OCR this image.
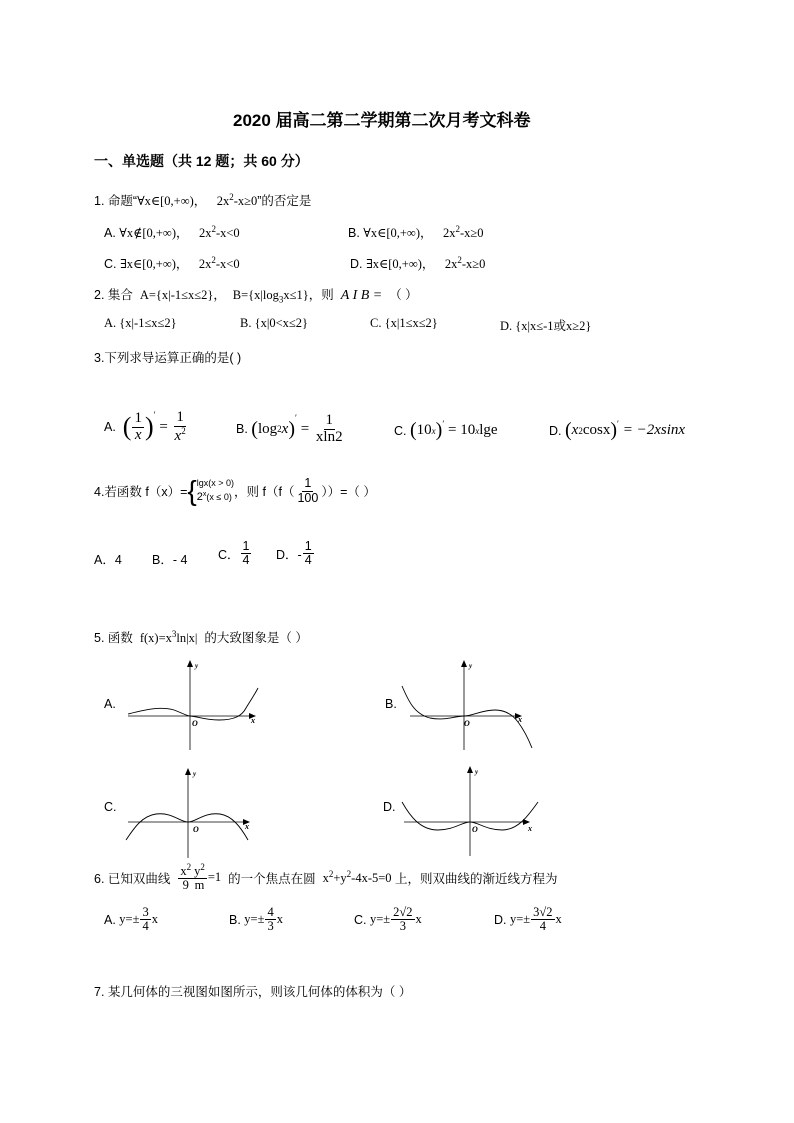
2020 届高二第二学期第二次月考文科卷
一、单选题（共 12 题；共 60 分）
1. 命题“∀x∈[0,+∞)， $2x^2-x\ge 0$”的否定是
A. ∀x∉[0,+∞)， $2x^2-x<0$	B. ∀x∈[0,+∞)， $2x^2-x\ge 0$
C. ∃x∈[0,+∞)， $2x^2-x<0$	D. ∃x∈[0,+∞)， $2x^2-x\ge 0$
2. 集合 A={x|-1≤x≤2}， $B=\{x|\log_3x\le 1\}$，则 A I B = （ ）
A. {x|-1≤x≤2}	B. {x|0<x≤2}	C. {x|1≤x≤2}	D. {x|x≤-1或x≥2}
3.下列求导运算正确的是( )
A.
( $\frac{1}{x} )'$
= $\frac{1}{x^2}$	B.
( log 2 x )′
= $\frac{1}{xln2}$	C.
( 10 x )′
= 10 x lge	D.
( x 2 cosx )′
= −2xsinx
4.若函数 f（x）= { lgx(x > 0)
$2^x(x \le 0)$ ，则 $f(f( \frac{1}{100}$ ））=（ ）
A．4 B．- 4 C． $\frac{1}{4}$ D．- $\frac{1}{4}$
5. 函数 $f(x)=x^3\ln|x|$ 的大致图象是（ ）
A.
y
x
O
B.
y
x
O
C.
y
x
O
D.
y
x
O
6. 已知双曲线
$\frac{x^2}{9} \frac{y^2}{m} =1$
的一个焦点在圆
$x^2+y^2-4x-5=0$
上，则双曲线的渐近线方程为
A.
$y=\pm \frac{3}{4}$ x	B.
$y=\pm \frac{4}{3}$ x	C.
$y=\pm \frac{2√2}{3}$ x	D.
$y=\pm \frac{3√2}{4}$ x
7. 某几何体的三视图如图所示，则该几何体的体积为（ ）
